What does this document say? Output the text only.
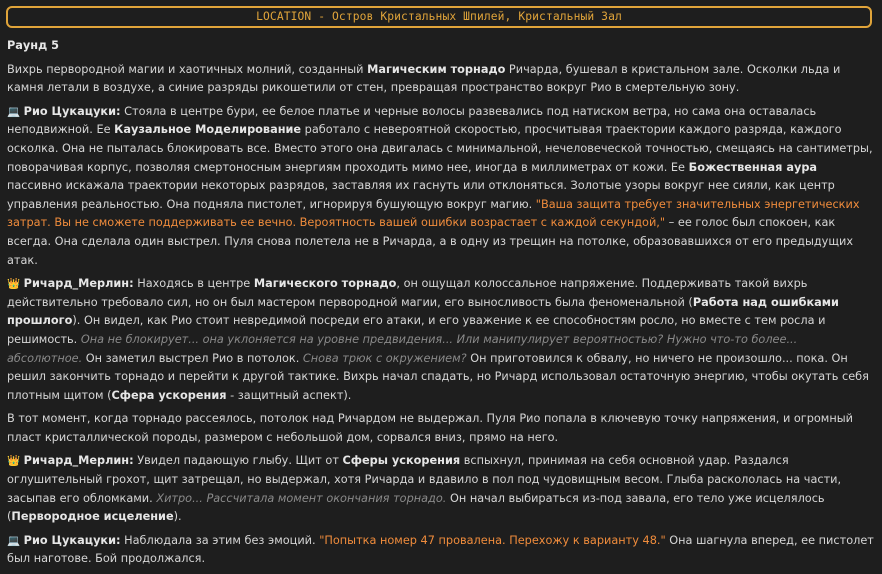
LOCATION - Остров Кристальных Шпилей, Кристальный Зал

Раунд 5

Вихрь первородной магии и хаотичных молний, созданный Магическим торнадо Ричарда, бушевал в кристальном зале. Осколки льда и камня летали в воздухе, а синие разряды рикошетили от стен, превращая пространство вокруг Рио в смертельную зону.

💻 Рио Цукацуки: Стояла в центре бури, ее белое платье и черные волосы развевались под натиском ветра, но сама она оставалась неподвижной. Ее Каузальное Моделирование работало с невероятной скоростью, просчитывая траектории каждого разряда, каждого осколка. Она не пыталась блокировать все. Вместо этого она двигалась с минимальной, нечеловеческой точностью, смещаясь на сантиметры, поворачивая корпус, позволяя смертоносным энергиям проходить мимо нее, иногда в миллиметрах от кожи. Ее Божественная аура пассивно искажала траектории некоторых разрядов, заставляя их гаснуть или отклоняться. Золотые узоры вокруг нее сияли, как центр управления реальностью. Она подняла пистолет, игнорируя бушующую вокруг магию. "Ваша защита требует значительных энергетических затрат. Вы не сможете поддерживать ее вечно. Вероятность вашей ошибки возрастает с каждой секундой," – ее голос был спокоен, как всегда. Она сделала один выстрел. Пуля снова полетела не в Ричарда, а в одну из трещин на потолке, образовавшихся от его предыдущих атак.

👑 Ричард_Мерлин: Находясь в центре Магического торнадо, он ощущал колоссальное напряжение. Поддерживать такой вихрь действительно требовало сил, но он был мастером первородной магии, его выносливость была феноменальной (Работа над ошибками прошлого). Он видел, как Рио стоит невредимой посреди его атаки, и его уважение к ее способностям росло, но вместе с тем росла и решимость. Она не блокирует... она уклоняется на уровне предвидения... Или манипулирует вероятностью? Нужно что-то более... абсолютное. Он заметил выстрел Рио в потолок. Снова трюк с окружением? Он приготовился к обвалу, но ничего не произошло... пока. Он решил закончить торнадо и перейти к другой тактике. Вихрь начал спадать, но Ричард использовал остаточную энергию, чтобы окутать себя плотным щитом (Сфера ускорения - защитный аспект).

В тот момент, когда торнадо рассеялось, потолок над Ричардом не выдержал. Пуля Рио попала в ключевую точку напряжения, и огромный пласт кристаллической породы, размером с небольшой дом, сорвался вниз, прямо на него.

👑 Ричард_Мерлин: Увидел падающую глыбу. Щит от Сферы ускорения вспыхнул, принимая на себя основной удар. Раздался оглушительный грохот, щит затрещал, но выдержал, хотя Ричарда и вдавило в пол под чудовищным весом. Глыба раскололась на части, засыпав его обломками. Хитро... Рассчитала момент окончания торнадо. Он начал выбираться из-под завала, его тело уже исцелялось (Первородное исцеление).

💻 Рио Цукацуки: Наблюдала за этим без эмоций. "Попытка номер 47 провалена. Перехожу к варианту 48." Она шагнула вперед, ее пистолет был наготове. Бой продолжался.
